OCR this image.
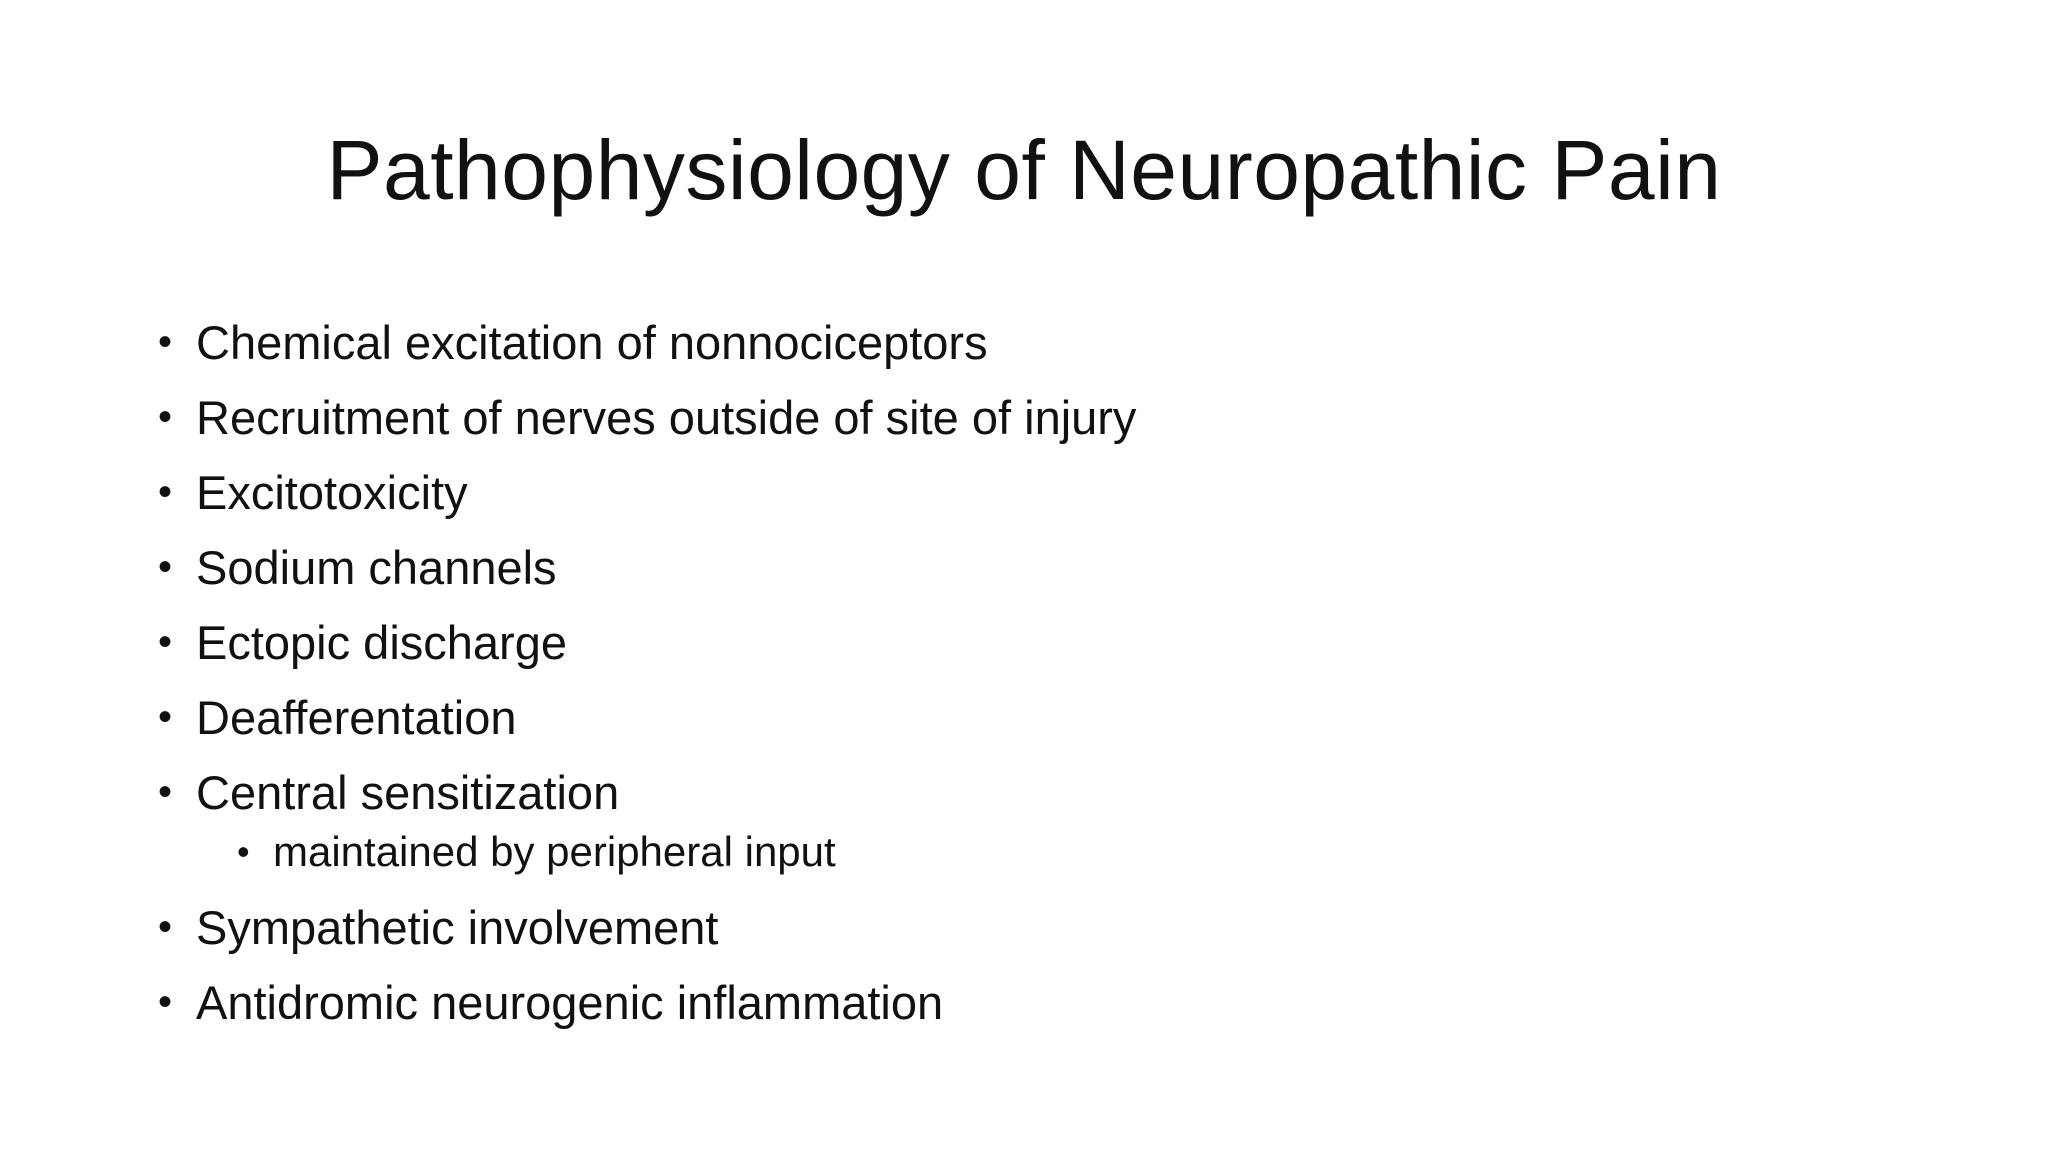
Pathophysiology of Neuropathic Pain
• Chemical excitation of nonnociceptors
• Recruitment of nerves outside of site of injury
• Excitotoxicity
• Sodium channels
• Ectopic discharge
• Deafferentation
• Central sensitization
• maintained by peripheral input
• Sympathetic involvement
• Antidromic neurogenic inflammation
